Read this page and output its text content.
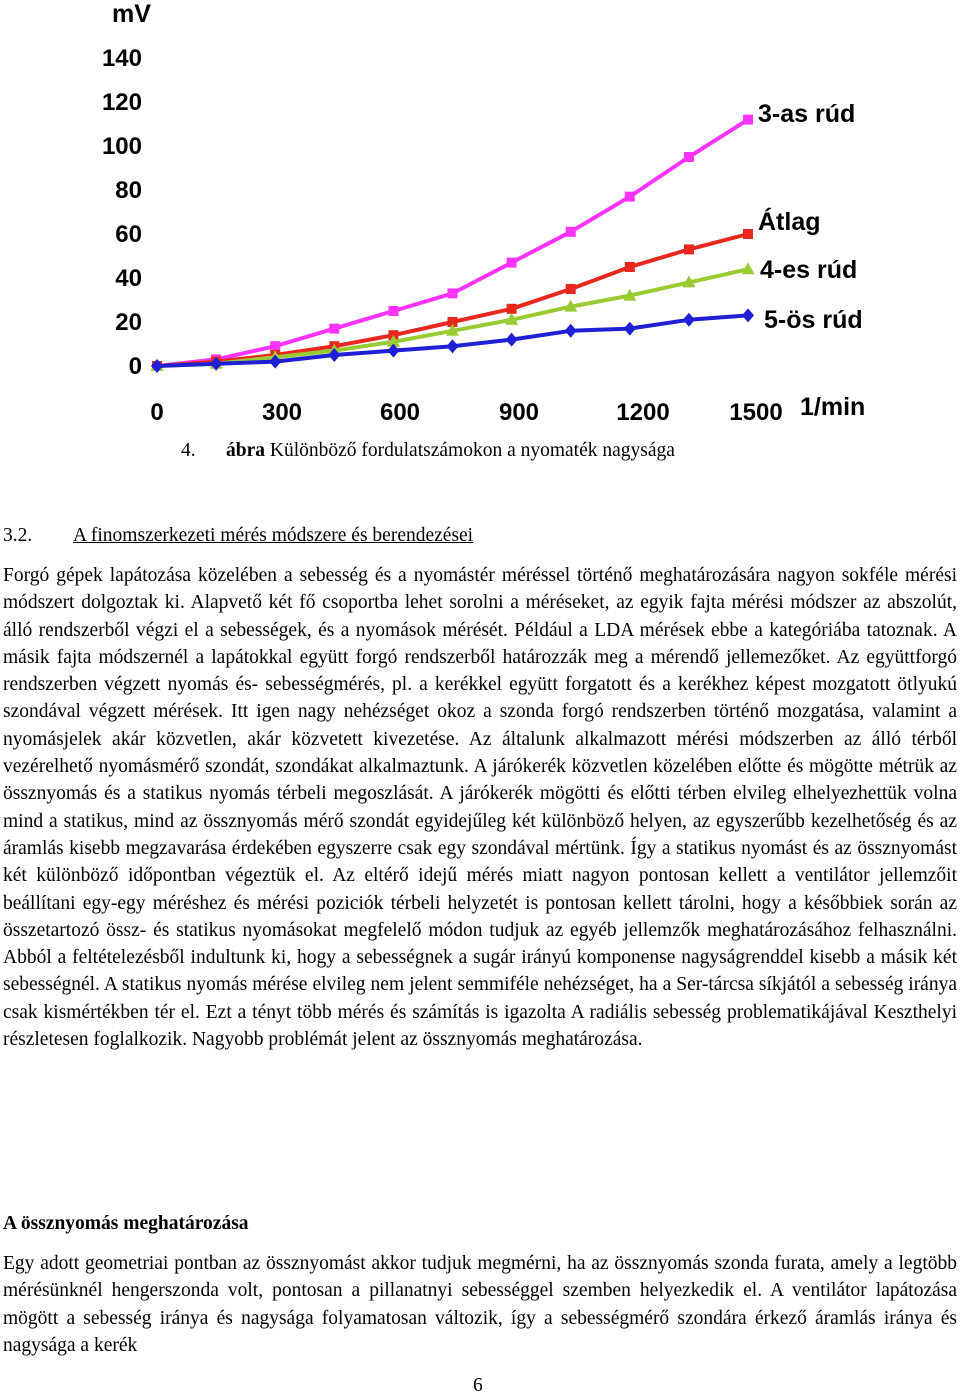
mV
1/min
0
20
40
60
80
100
120
140
0	300	600	900	1200 1500
3-as rúd
Átlag
4-es rúd
5-ös rúd
4. ábra Különböző fordulatszámokon a nyomaték nagysága
3.2. A finomszerkezeti mérés módszere és berendezései

Forgó gépek lapátozása közelében a sebesség és a nyomástér méréssel történő meghatározására nagyon sokféle mérési módszert dolgoztak ki. Alapvető két fő csoportba lehet sorolni a méréseket, az egyik fajta mérési módszer az abszolút, álló rendszerből végzi el a sebességek, és a nyomások mérését. Például a LDA mérések ebbe a kategóriába tatoznak. A másik fajta módszernél a lapátokkal együtt forgó rendszerből határozzák meg a mérendő jellemezőket. Az együttforgó rendszerben végzett nyomás és- sebességmérés, pl. a kerékkel együtt forgatott és a kerékhez képest mozgatott ötlyukú szondával végzett mérések. Itt igen nagy nehézséget okoz a szonda forgó rendszerben történő mozgatása, valamint a nyomásjelek akár közvetlen, akár közvetett kivezetése. Az általunk alkalmazott mérési módszerben az álló térből vezérelhető nyomásmérő szondát, szondákat alkalmaztunk. A járókerék közvetlen közelében előtte és mögötte métrük az össznyomás és a statikus nyomás térbeli megoszlását. A járókerék mögötti és előtti térben elvileg elhelyezhettük volna mind a statikus, mind az össznyomás mérő szondát egyidejűleg két különböző helyen, az egyszerűbb kezelhetőség és az áramlás kisebb megzavarása érdekében egyszerre csak egy szondával mértünk. Így a statikus nyomást és az össznyomást két különböző időpontban végeztük el. Az eltérő idejű mérés miatt nagyon pontosan kellett a ventilátor jellemzőit beállítani egy-egy méréshez és mérési poziciók térbeli helyzetét is pontosan kellett tárolni, hogy a későbbiek során az összetartozó össz- és statikus nyomásokat megfelelő módon tudjuk az egyéb jellemzők meghatározásához felhasználni. Abból a feltételezésből indultunk ki, hogy a sebességnek a sugár irányú komponense nagyságrenddel kisebb a másik két sebességnél. A statikus nyomás mérése elvileg nem jelent semmiféle nehézséget, ha a Ser-tárcsa síkjától a sebesség iránya csak kismértékben tér el. Ezt a tényt több mérés és számítás is igazolta A radiális sebesség problematikájával Keszthelyi részletesen foglalkozik. Nagyobb problémát jelent az össznyomás meghatározása.

A össznyomás meghatározása

Egy adott geometriai pontban az össznyomást akkor tudjuk megmérni, ha az össznyomás szonda furata, amely a legtöbb mérésünknél hengerszonda volt, pontosan a pillanatnyi sebességgel szemben helyezkedik el. A ventilátor lapátozása mögött a sebesség iránya és nagysága folyamatosan változik, így a sebességmérő szondára érkező áramlás iránya és nagysága a kerék

6
